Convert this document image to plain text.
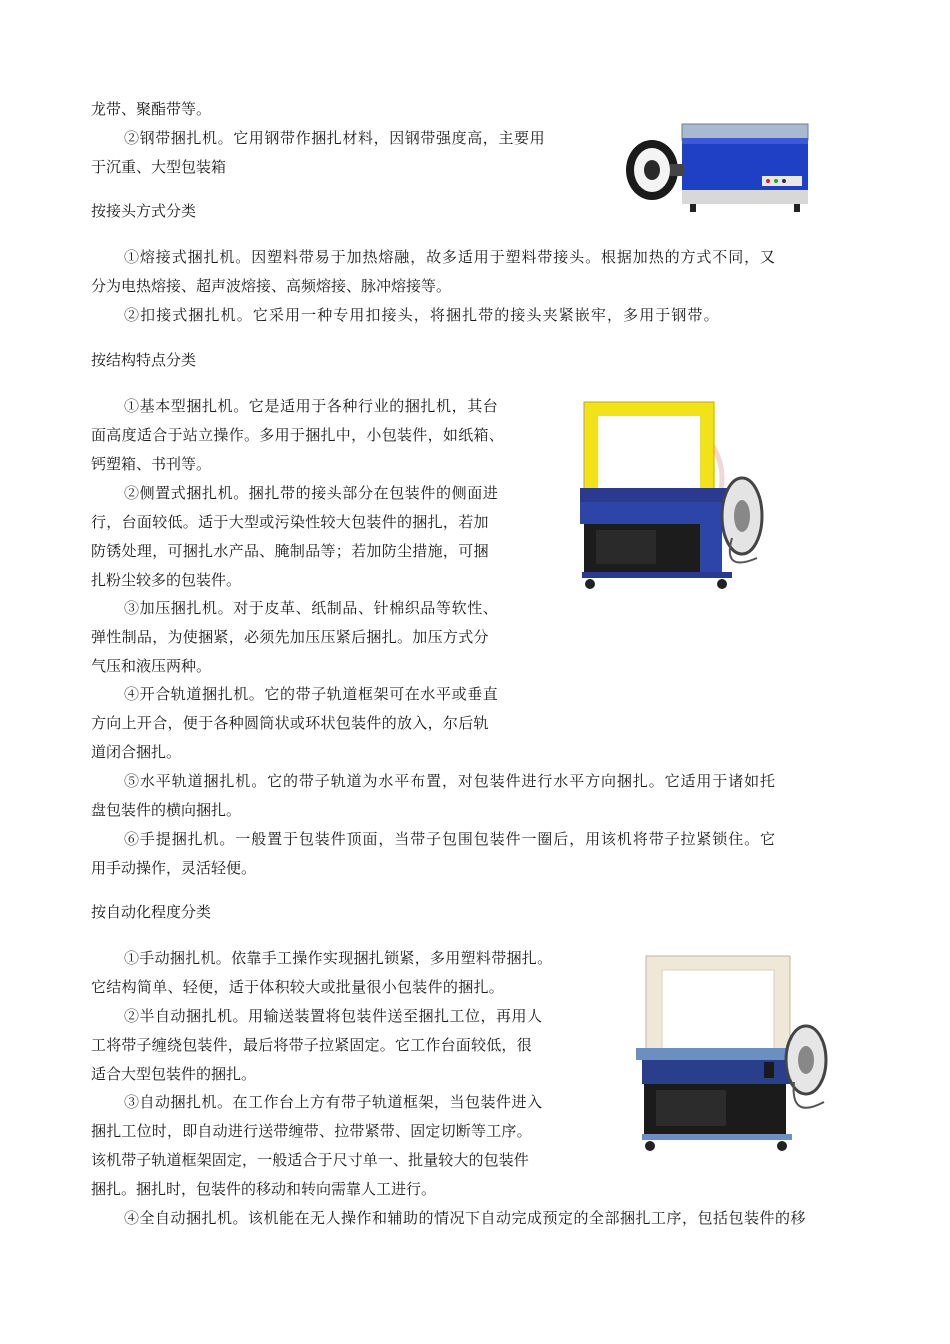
龙带、聚酯带等。
②钢带捆扎机。它用钢带作捆扎材料，因钢带强度高，主要用
于沉重、大型包装箱
按接头方式分类
①熔接式捆扎机。因塑料带易于加热熔融，故多适用于塑料带接头。根据加热的方式不同，又
分为电热熔接、超声波熔接、高频熔接、脉冲熔接等。
②扣接式捆扎机。它采用一种专用扣接头，将捆扎带的接头夹紧嵌牢，多用于钢带。
按结构特点分类
①基本型捆扎机。它是适用于各种行业的捆扎机，其台
面高度适合于站立操作。多用于捆扎中，小包装件，如纸箱、
钙塑箱、书刊等。
②侧置式捆扎机。捆扎带的接头部分在包装件的侧面进
行，台面较低。适于大型或污染性较大包装件的捆扎，若加
防锈处理，可捆扎水产品、腌制品等；若加防尘措施，可捆
扎粉尘较多的包装件。
③加压捆扎机。对于皮革、纸制品、针棉织品等软性、
弹性制品，为使捆紧，必须先加压压紧后捆扎。加压方式分
气压和液压两种。
④开合轨道捆扎机。它的带子轨道框架可在水平或垂直
方向上开合，便于各种圆筒状或环状包装件的放入，尔后轨
道闭合捆扎。
⑤水平轨道捆扎机。它的带子轨道为水平布置，对包装件进行水平方向捆扎。它适用于诸如托
盘包装件的横向捆扎。
⑥手提捆扎机。一般置于包装件顶面，当带子包围包装件一圈后，用该机将带子拉紧锁住。它
用手动操作，灵活轻便。
按自动化程度分类
①手动捆扎机。依靠手工操作实现捆扎锁紧，多用塑料带捆扎。
它结构简单、轻便，适于体积较大或批量很小包装件的捆扎。
②半自动捆扎机。用输送装置将包装件送至捆扎工位，再用人
工将带子缠绕包装件，最后将带子拉紧固定。它工作台面较低，很
适合大型包装件的捆扎。
③自动捆扎机。在工作台上方有带子轨道框架，当包装件进入
捆扎工位时，即自动进行送带缠带、拉带紧带、固定切断等工序。
该机带子轨道框架固定，一般适合于尺寸单一、批量较大的包装件
捆扎。捆扎时，包装件的移动和转向需靠人工进行。
④全自动捆扎机。该机能在无人操作和辅助的情况下自动完成预定的全部捆扎工序，包括包装件的移
